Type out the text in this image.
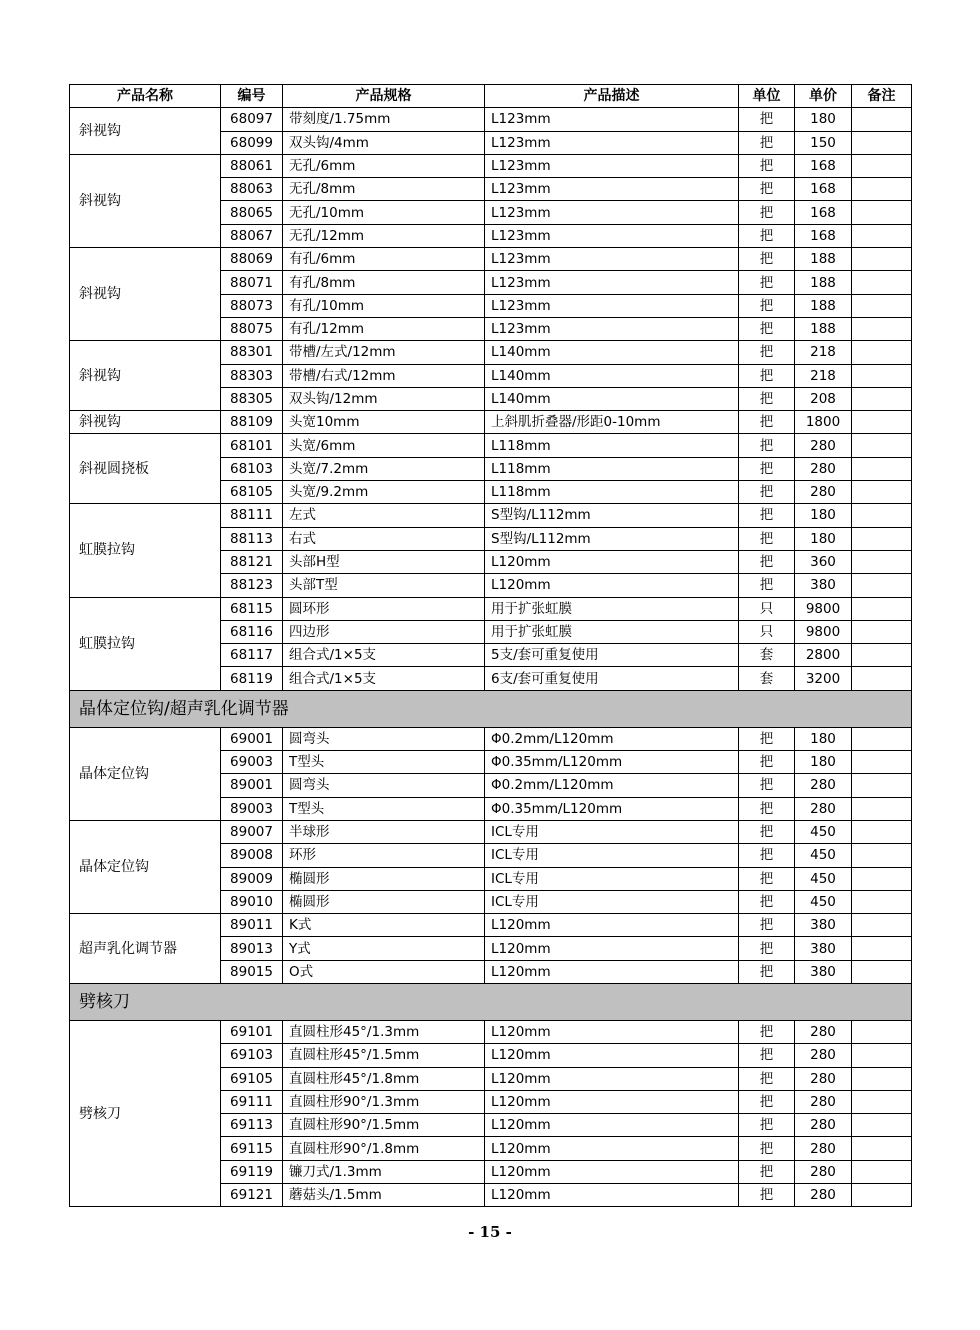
产品名称	编号	产品规格	产品描述	单位	单价	备注
斜视钩	68097	带刻度/1.75mm	L123mm	把	180	
	68099	双头钩/4mm	L123mm	把	150	
斜视钩	88061	无孔/6mm	L123mm	把	168	
	88063	无孔/8mm	L123mm	把	168	
	88065	无孔/10mm	L123mm	把	168	
	88067	无孔/12mm	L123mm	把	168	
斜视钩	88069	有孔/6mm	L123mm	把	188	
	88071	有孔/8mm	L123mm	把	188	
	88073	有孔/10mm	L123mm	把	188	
	88075	有孔/12mm	L123mm	把	188	
斜视钩	88301	带槽/左式/12mm	L140mm	把	218	
	88303	带槽/右式/12mm	L140mm	把	218	
	88305	双头钩/12mm	L140mm	把	208	
斜视钩	88109	头宽10mm	上斜肌折叠器/形距0-10mm	把	1800	
斜视圆挠板	68101	头宽/6mm	L118mm	把	280	
	68103	头宽/7.2mm	L118mm	把	280	
	68105	头宽/9.2mm	L118mm	把	280	
虹膜拉钩	88111	左式	S型钩/L112mm	把	180	
	88113	右式	S型钩/L112mm	把	180	
	88121	头部H型	L120mm	把	360	
	88123	头部T型	L120mm	把	380	
虹膜拉钩	68115	圆环形	用于扩张虹膜	只	9800	
	68116	四边形	用于扩张虹膜	只	9800	
	68117	组合式/1×5支	5支/套可重复使用	套	2800	
	68119	组合式/1×5支	6支/套可重复使用	套	3200	
晶体定位钩/超声乳化调节器						
晶体定位钩	69001	圆弯头	Φ0.2mm/L120mm	把	180	
	69003	T型头	Φ0.35mm/L120mm	把	180	
	89001	圆弯头	Φ0.2mm/L120mm	把	280	
	89003	T型头	Φ0.35mm/L120mm	把	280	
晶体定位钩	89007	半球形	ICL专用	把	450	
	89008	环形	ICL专用	把	450	
	89009	椭圆形	ICL专用	把	450	
	89010	椭圆形	ICL专用	把	450	
超声乳化调节器	89011	K式	L120mm	把	380	
	89013	Y式	L120mm	把	380	
	89015	O式	L120mm	把	380	
劈核刀						
劈核刀	69101	直圆柱形45°/1.3mm	L120mm	把	280	
	69103	直圆柱形45°/1.5mm	L120mm	把	280	
	69105	直圆柱形45°/1.8mm	L120mm	把	280	
	69111	直圆柱形90°/1.3mm	L120mm	把	280	
	69113	直圆柱形90°/1.5mm	L120mm	把	280	
	69115	直圆柱形90°/1.8mm	L120mm	把	280	
	69119	镰刀式/1.3mm	L120mm	把	280	
	69121	蘑菇头/1.5mm	L120mm	把	280	
- 15 -
